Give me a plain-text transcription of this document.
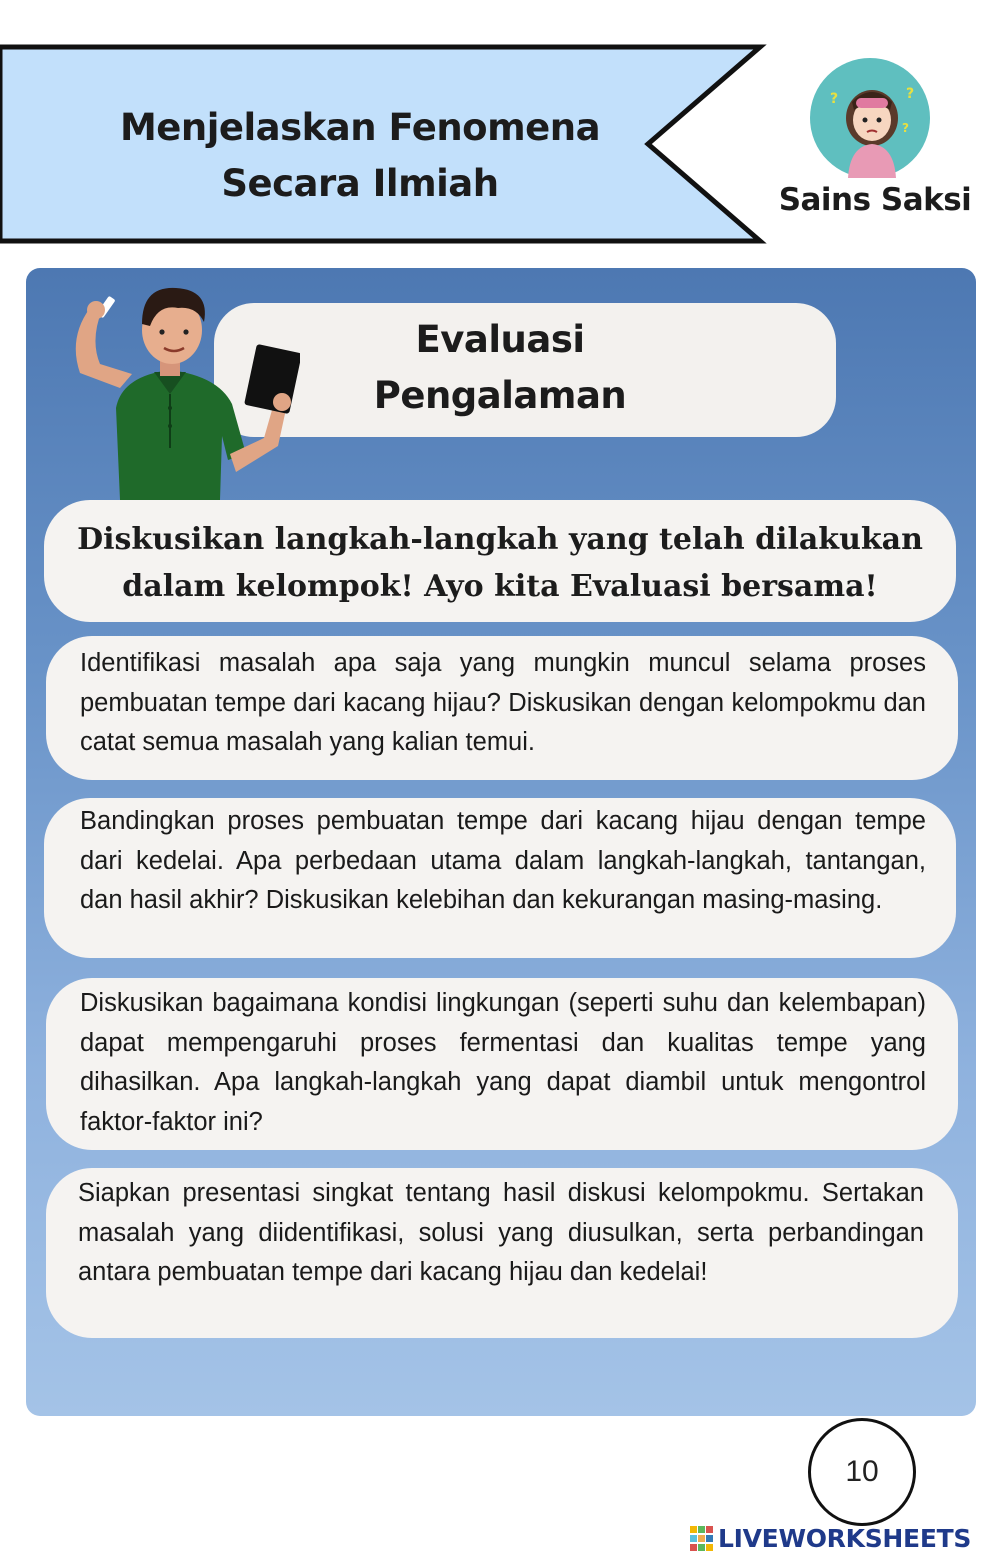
Menjelaskan Fenomena
Secara Ilmiah
?	?
?
Sains Saksi
Evaluasi
Pengalaman
Diskusikan langkah-langkah yang telah dilakukan
dalam kelompok! Ayo kita Evaluasi bersama!

Identifikasi masalah apa saja yang mungkin muncul selama proses pembuatan tempe dari kacang hijau? Diskusikan dengan kelompokmu dan catat semua masalah yang kalian temui.

Bandingkan proses pembuatan tempe dari kacang hijau dengan tempe dari kedelai. Apa perbedaan utama dalam langkah-langkah, tantangan, dan hasil akhir? Diskusikan kelebihan dan kekurangan masing-masing.

Diskusikan bagaimana kondisi lingkungan (seperti suhu dan kelembapan) dapat mempengaruhi proses fermentasi dan kualitas tempe yang dihasilkan. Apa langkah-langkah yang dapat diambil untuk mengontrol faktor-faktor ini?

Siapkan presentasi singkat tentang hasil diskusi kelompokmu. Sertakan masalah yang diidentifikasi, solusi yang diusulkan, serta perbandingan antara pembuatan tempe dari kacang hijau dan kedelai!

10
LIVEWORKSHEETS
